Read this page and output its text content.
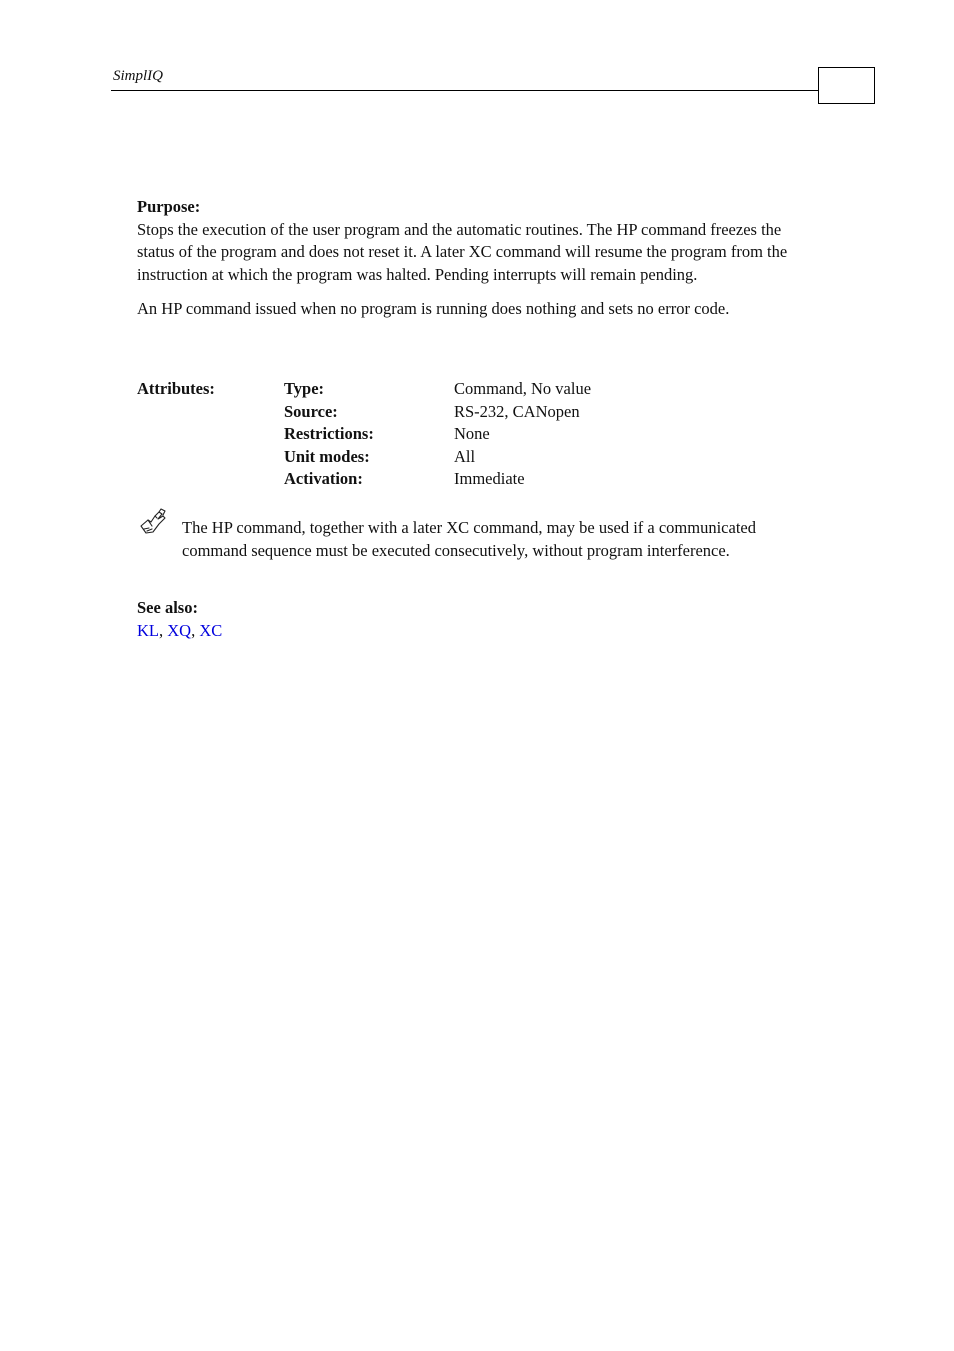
SimplIQ
Purpose:

Stops the execution of the user program and the automatic routines. The HP command freezes the status of the program and does not reset it. A later XC command will resume the program from the instruction at which the program was halted. Pending interrupts will remain pending.

An HP command issued when no program is running does nothing and sets no error code.

Attributes:	Type:	Command, No value
Source:	RS-232, CANopen
Restrictions:	None
Unit modes:	All
Activation:	Immediate
The HP command, together with a later XC command, may be used if a communicated command sequence must be executed consecutively, without program interference.
See also:
KL, XQ, XC
